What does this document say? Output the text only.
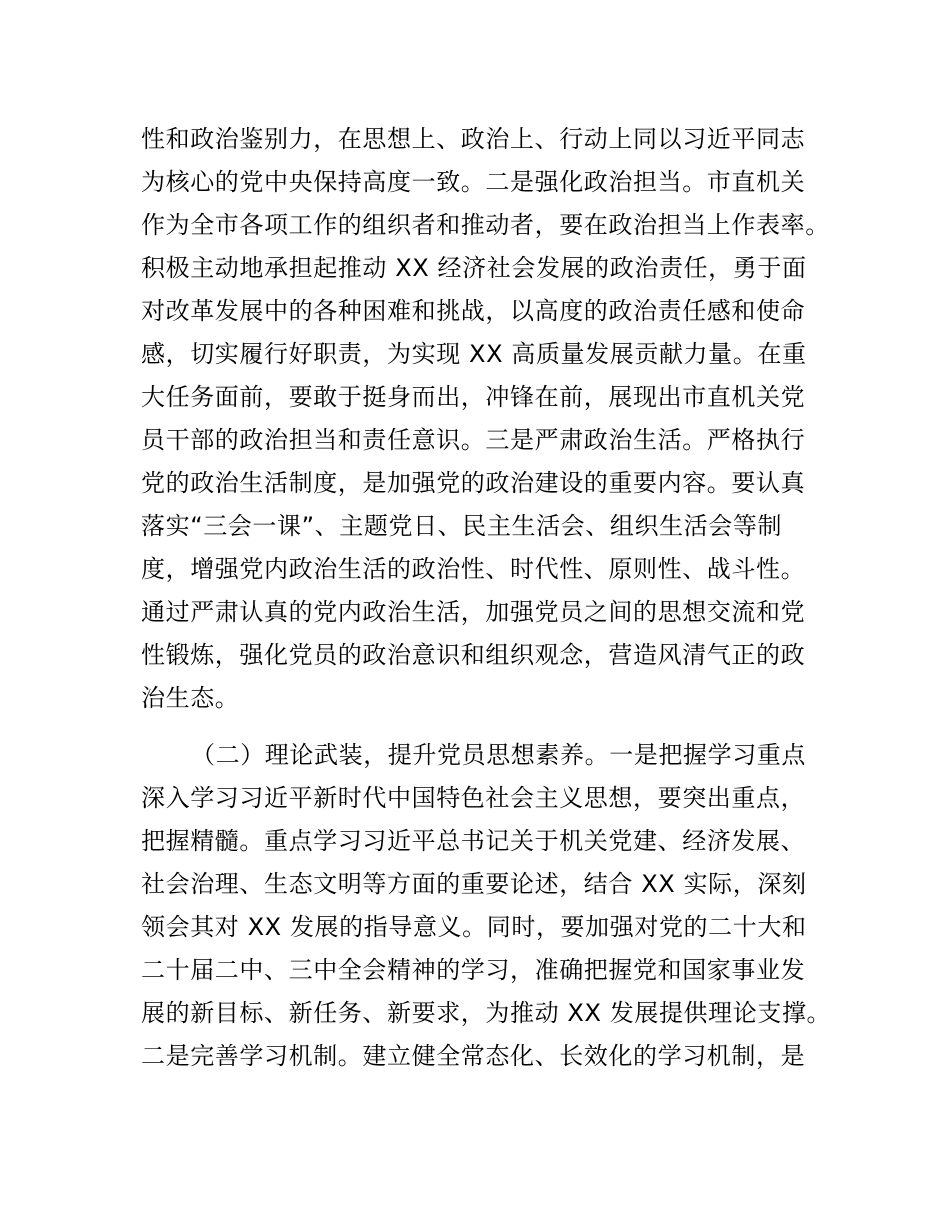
性和政治鉴别力，在思想上、政治上、行动上同以习近平同志
为核心的党中央保持高度一致。二是强化政治担当。市直机关
作为全市各项工作的组织者和推动者，要在政治担当上作表率。
积极主动地承担起推动 XX 经济社会发展的政治责任，勇于面
对改革发展中的各种困难和挑战，以高度的政治责任感和使命
感，切实履行好职责，为实现 XX 高质量发展贡献力量。在重
大任务面前，要敢于挺身而出，冲锋在前，展现出市直机关党
员干部的政治担当和责任意识。三是严肃政治生活。严格执行
党的政治生活制度，是加强党的政治建设的重要内容。要认真
落实“三会一课”、主题党日、民主生活会、组织生活会等制
度，增强党内政治生活的政治性、时代性、原则性、战斗性。
通过严肃认真的党内政治生活，加强党员之间的思想交流和党
性锻炼，强化党员的政治意识和组织观念，营造风清气正的政
治生态。
（二）理论武装，提升党员思想素养。一是把握学习重点
深入学习习近平新时代中国特色社会主义思想，要突出重点，
把握精髓。重点学习习近平总书记关于机关党建、经济发展、
社会治理、生态文明等方面的重要论述，结合 XX 实际，深刻
领会其对 XX 发展的指导意义。同时，要加强对党的二十大和
二十届二中、三中全会精神的学习，准确把握党和国家事业发
展的新目标、新任务、新要求，为推动 XX 发展提供理论支撑。
二是完善学习机制。建立健全常态化、长效化的学习机制，是
